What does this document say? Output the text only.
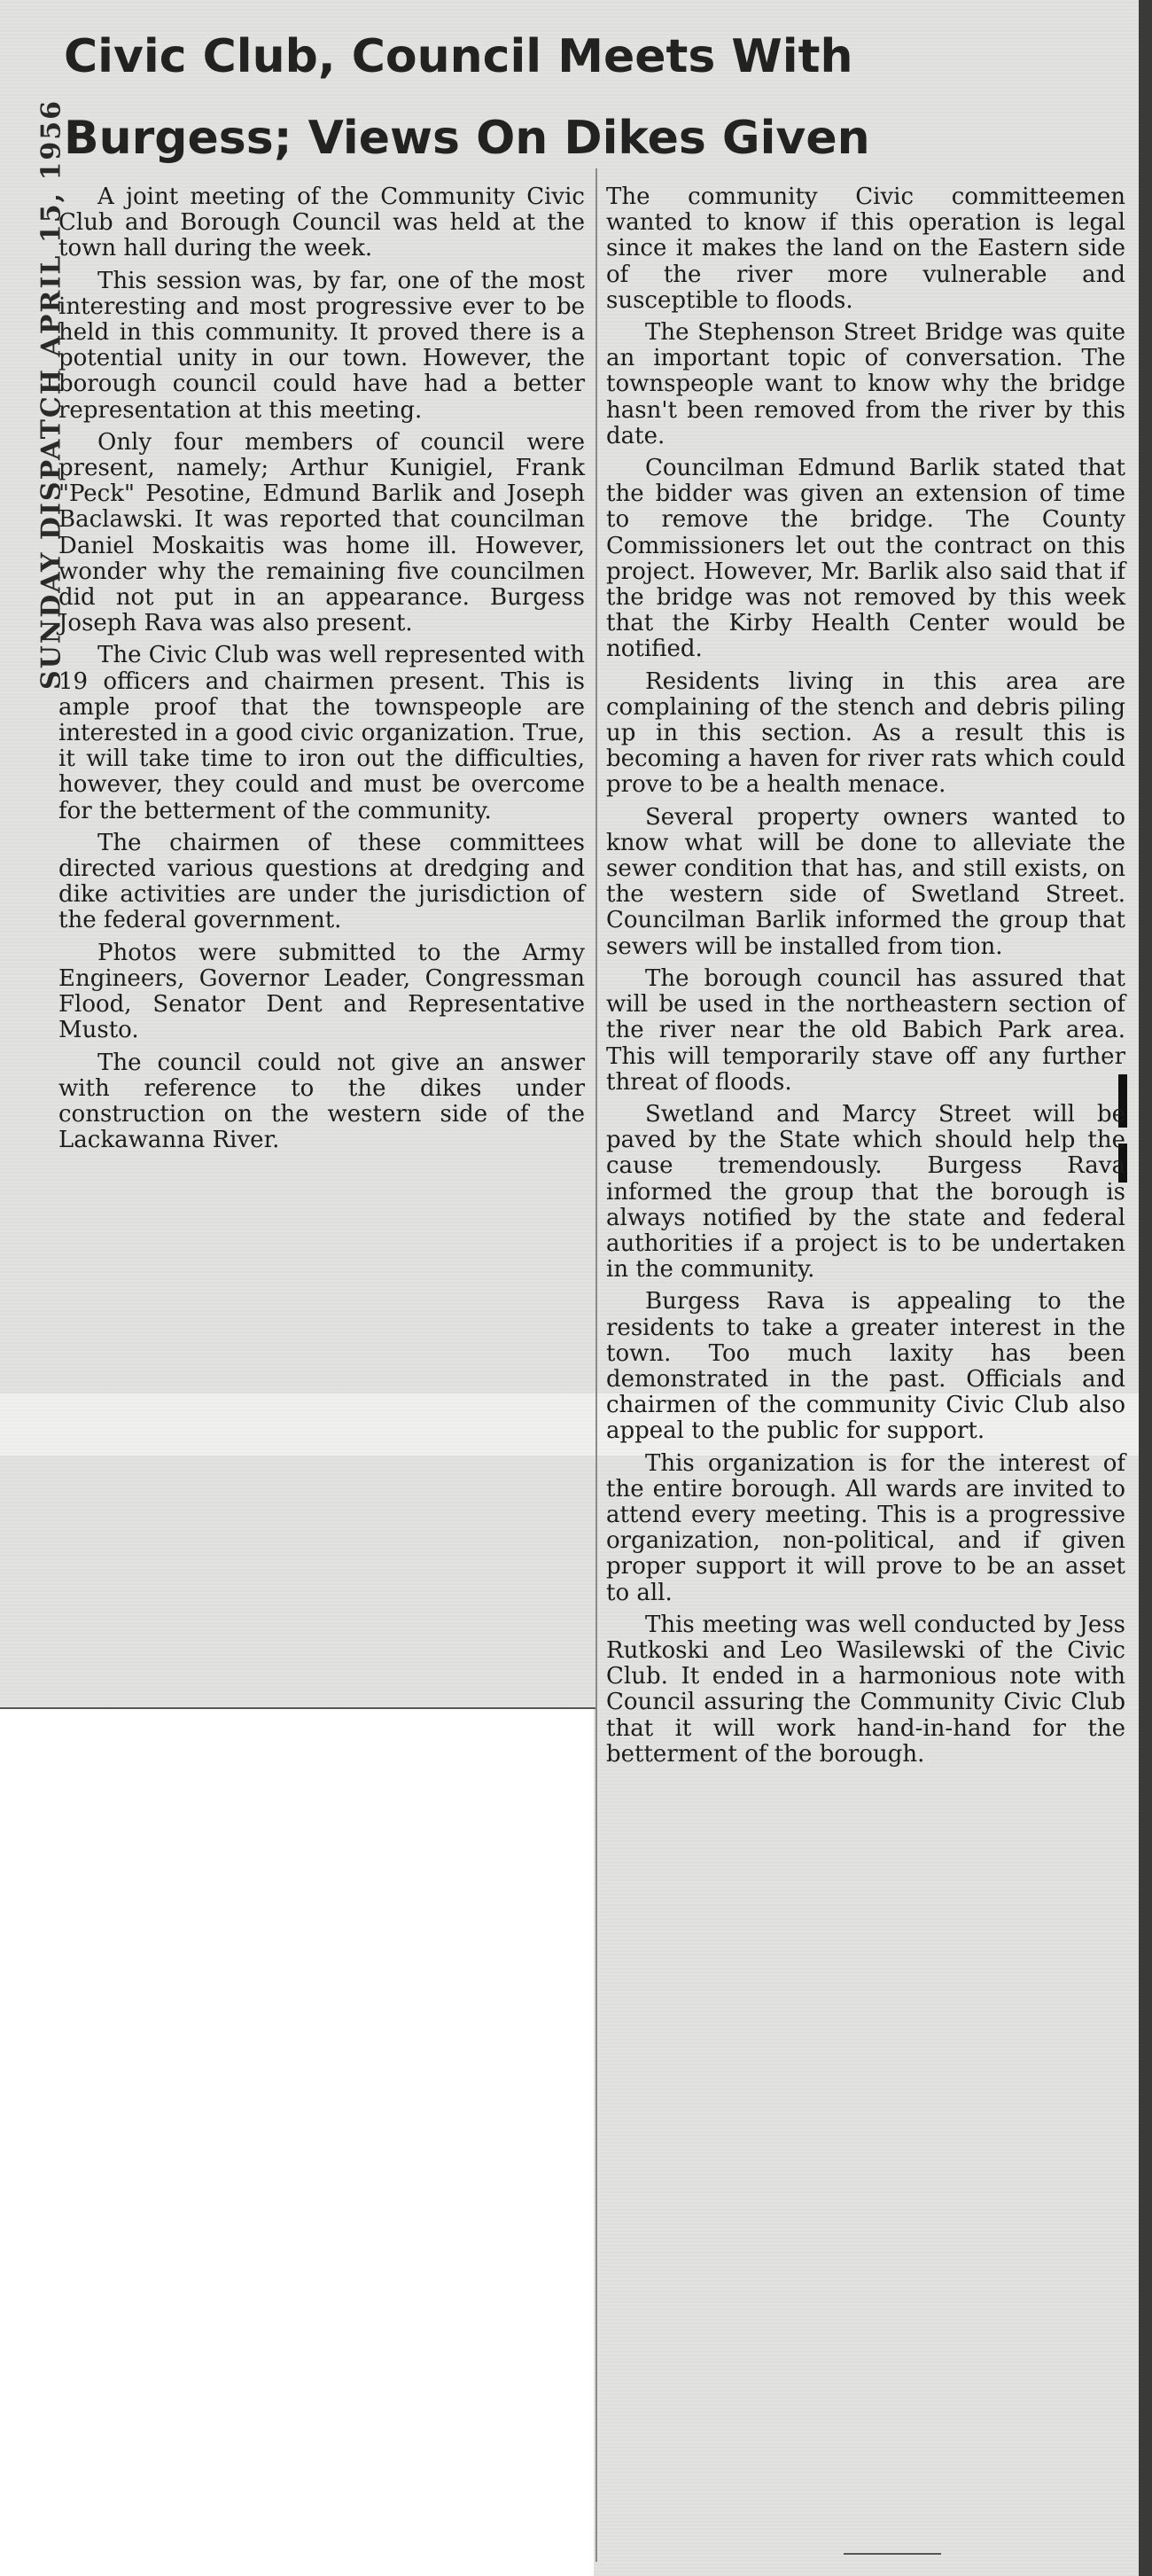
SUNDAY DISPATCH APRIL 15, 1956
Civic Club, Council Meets With
Burgess; Views On Dikes Given

A joint meeting of the Community Civic Club and Borough Council was held at the town hall during the week.

This session was, by far, one of the most interesting and most progressive ever to be held in this community. It proved there is a potential unity in our town. However, the borough council could have had a better representation at this meeting.

Only four members of council were present, namely; Arthur Kunigiel, Frank "Peck" Pesotine, Edmund Barlik and Joseph Baclawski. It was reported that councilman Daniel Moskaitis was home ill. However, wonder why the remaining five councilmen did not put in an appearance. Burgess Joseph Rava was also present.

The Civic Club was well represented with 19 officers and chairmen present. This is ample proof that the townspeople are interested in a good civic organization. True, it will take time to iron out the difficulties, however, they could and must be overcome for the betterment of the community.

The chairmen of these committees directed various questions at dredging and dike activities are under the jurisdiction of the federal government.

Photos were submitted to the Army Engineers, Governor Leader, Congressman Flood, Senator Dent and Representative Musto.

The council could not give an answer with reference to the dikes under construction on the western side of the Lackawanna River.

The community Civic committeemen wanted to know if this operation is legal since it makes the land on the Eastern side of the river more vulnerable and susceptible to floods.

The Stephenson Street Bridge was quite an important topic of conversation. The townspeople want to know why the bridge hasn't been removed from the river by this date.

Councilman Edmund Barlik stated that the bidder was given an extension of time to remove the bridge. The County Commissioners let out the contract on this project. However, Mr. Barlik also said that if the bridge was not removed by this week that the Kirby Health Center would be notified.

Residents living in this area are complaining of the stench and debris piling up in this section. As a result this is becoming a haven for river rats which could prove to be a health menace.

Several property owners wanted to know what will be done to alleviate the sewer condition that has, and still exists, on the western side of Swetland Street. Councilman Barlik informed the group that sewers will be installed from tion.

The borough council has assured that will be used in the northeastern section of the river near the old Babich Park area. This will temporarily stave off any further threat of floods.

Swetland and Marcy Street will be paved by the State which should help the cause tremendously. Burgess Rava informed the group that the borough is always notified by the state and federal authorities if a project is to be undertaken in the community.

Burgess Rava is appealing to the residents to take a greater interest in the town. Too much laxity has been demonstrated in the past. Officials and chairmen of the community Civic Club also appeal to the public for support.

This organization is for the interest of the entire borough. All wards are invited to attend every meeting. This is a progressive organization, non-political, and if given proper support it will prove to be an asset to all.

This meeting was well conducted by Jess Rutkoski and Leo Wasilewski of the Civic Club. It ended in a harmonious note with Council assuring the Community Civic Club that it will work hand-in-hand for the betterment of the borough.
